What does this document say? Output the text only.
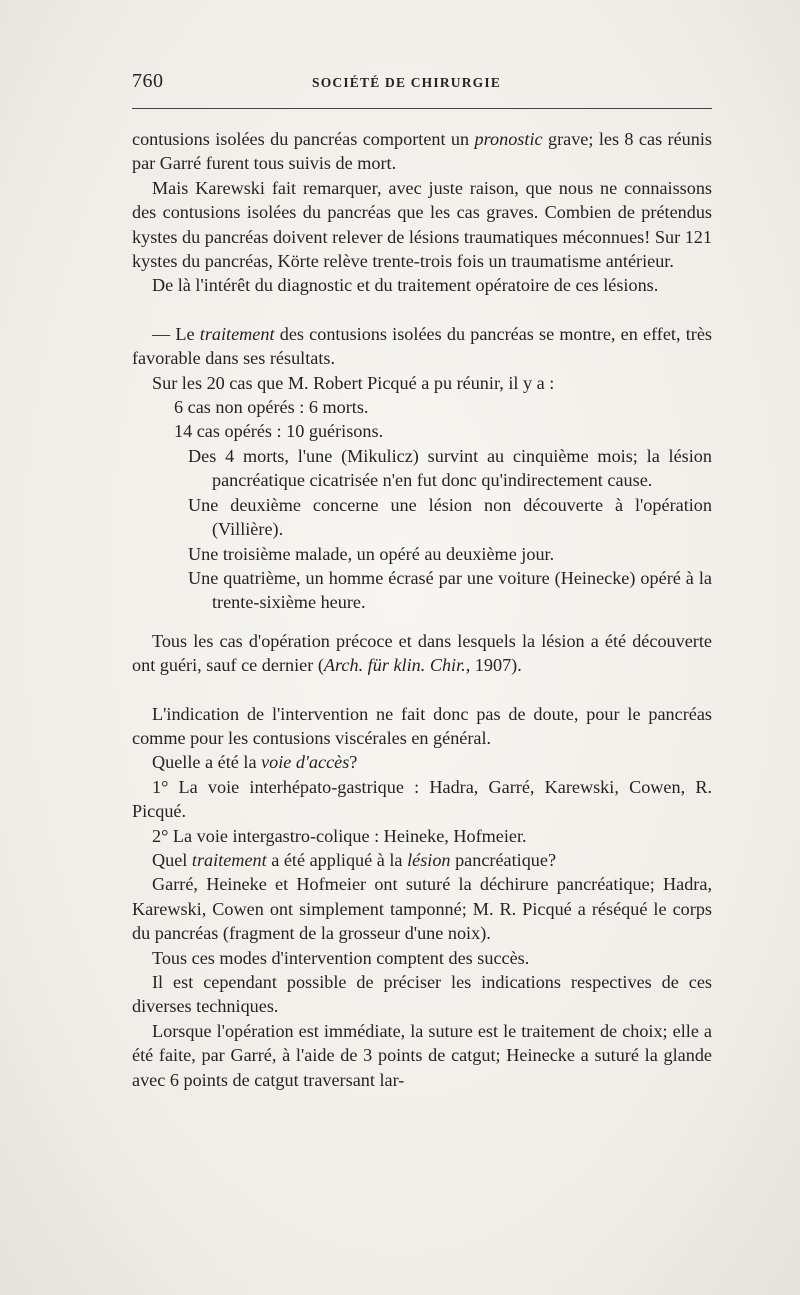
760	SOCIÉTÉ DE CHIRURGIE

contusions isolées du pancréas comportent un pronostic grave; les 8 cas réunis par Garré furent tous suivis de mort.

Mais Karewski fait remarquer, avec juste raison, que nous ne connaissons des contusions isolées du pancréas que les cas graves. Combien de prétendus kystes du pancréas doivent relever de lésions traumatiques méconnues! Sur 121 kystes du pancréas, Körte relève trente-trois fois un traumatisme antérieur.

De là l'intérêt du diagnostic et du traitement opératoire de ces lésions.

— Le traitement des contusions isolées du pancréas se montre, en effet, très favorable dans ses résultats.

Sur les 20 cas que M. Robert Picqué a pu réunir, il y a :

6 cas non opérés : 6 morts.

14 cas opérés : 10 guérisons.

Des 4 morts, l'une (Mikulicz) survint au cinquième mois; la lésion pancréatique cicatrisée n'en fut donc qu'indirectement cause.

Une deuxième concerne une lésion non découverte à l'opération (Villière).

Une troisième malade, un opéré au deuxième jour.

Une quatrième, un homme écrasé par une voiture (Heinecke) opéré à la trente-sixième heure.

Tous les cas d'opération précoce et dans lesquels la lésion a été découverte ont guéri, sauf ce dernier (Arch. für klin. Chir., 1907).

L'indication de l'intervention ne fait donc pas de doute, pour le pancréas comme pour les contusions viscérales en général.

Quelle a été la voie d'accès?

1° La voie interhépato-gastrique : Hadra, Garré, Karewski, Cowen, R. Picqué.

2° La voie intergastro-colique : Heineke, Hofmeier.

Quel traitement a été appliqué à la lésion pancréatique?

Garré, Heineke et Hofmeier ont suturé la déchirure pancréatique; Hadra, Karewski, Cowen ont simplement tamponné; M. R. Picqué a réséqué le corps du pancréas (fragment de la grosseur d'une noix).

Tous ces modes d'intervention comptent des succès.

Il est cependant possible de préciser les indications respectives de ces diverses techniques.

Lorsque l'opération est immédiate, la suture est le traitement de choix; elle a été faite, par Garré, à l'aide de 3 points de catgut; Heinecke a suturé la glande avec 6 points de catgut traversant lar-
